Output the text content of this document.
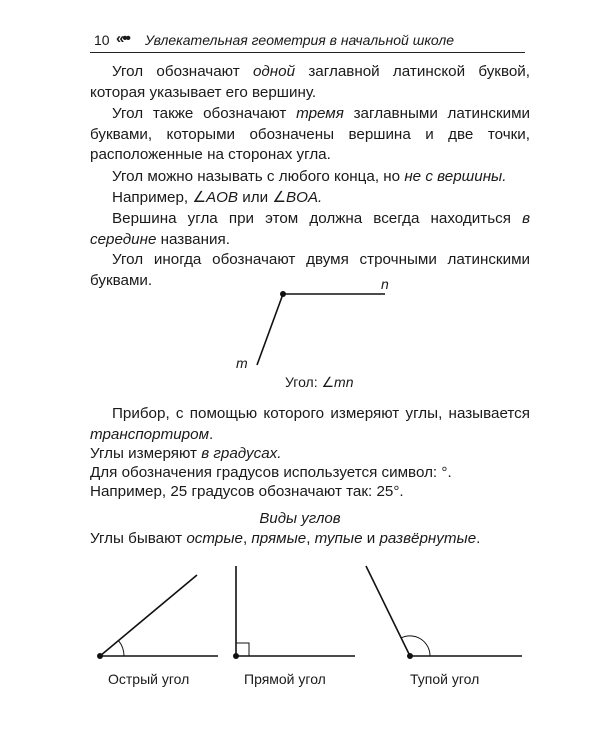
10 «•• Увлекательная геометрия в начальной школе
Угол обозначают одной заглавной латинской буквой, которая указывает его вершину.
Угол также обозначают тремя заглавными латинскими буквами, которыми обозначены вершина и две точки, расположенные на сторонах угла.
Угол можно называть с любого конца, но не с вершины.
Например, ∠AOB или ∠BOA.
Вершина угла при этом должна всегда находиться в середине названия.
Угол иногда обозначают двумя строчными латинскими буквами.	n
m
Угол: ∠mn
Прибор, с помощью которого измеряют углы, называется транспортиром.
Углы измеряют в градусах.
Для обозначения градусов используется символ: °.
Например, 25 градусов обозначают так: 25°.
Виды углов
Углы бывают острые, прямые, тупые и развёрнутые.
Острый угол	Прямой угол	Тупой угол
